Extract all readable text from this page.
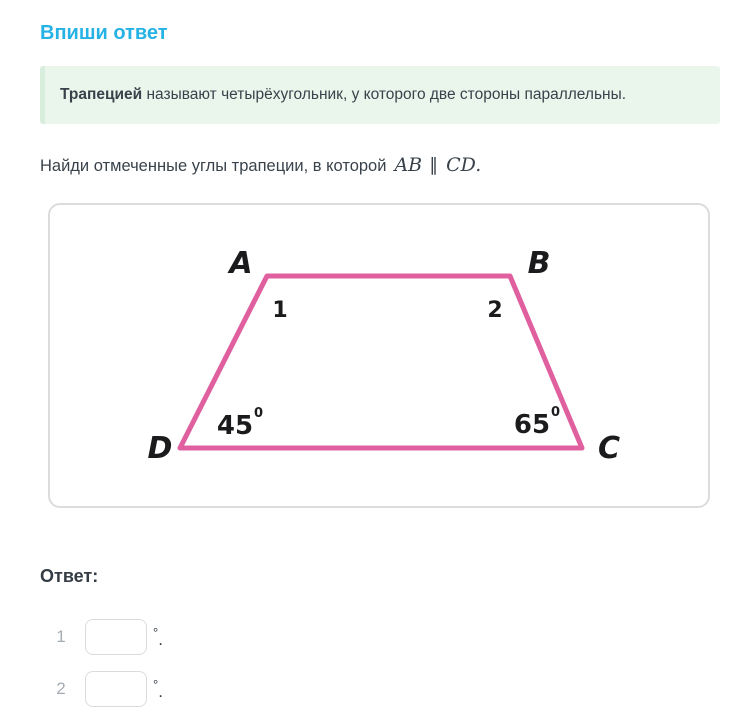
Впиши ответ

Трапецией называют четырёхугольник, у которого две стороны параллельны.

Найди отмеченные углы трапеции, в которой AB ∥ CD.

A	B
C
D
1	2
45 0	65 0

Ответ:

1	°.
2	°.
